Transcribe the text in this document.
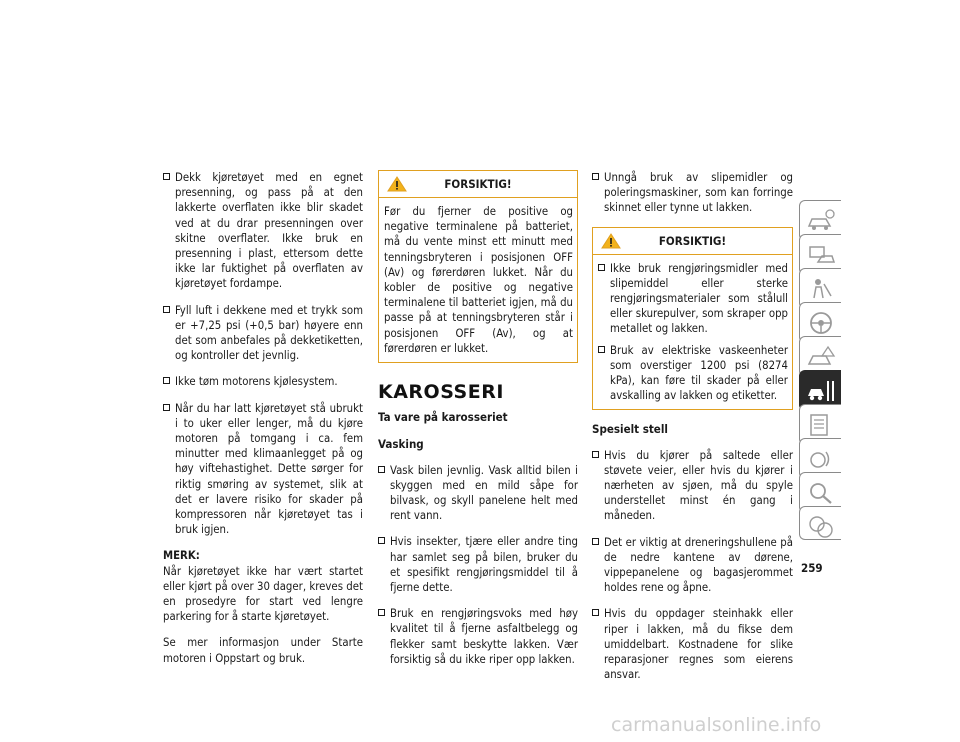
Dekk kjøretøyet med en egnet presenning, og pass på at den lakkerte overflaten ikke blir skadet ved at du drar presenningen over skitne overflater. Ikke bruk en presenning i plast, ettersom dette ikke lar fuktighet på overflaten av kjøretøyet fordampe.
Fyll luft i dekkene med et trykk som er +7,25 psi (+0,5 bar) høyere enn det som anbefales på dekketiketten, og kontroller det jevnlig.
Ikke tøm motorens kjølesystem.
Når du har latt kjøretøyet stå ubrukt i to uker eller lenger, må du kjøre motoren på tomgang i ca. fem minutter med klimaanlegget på og høy viftehastighet. Dette sørger for riktig smøring av systemet, slik at det er lavere risiko for skader på kompressoren når kjøretøyet tas i bruk igjen.

MERK:

Når kjøretøyet ikke har vært startet eller kjørt på over 30 dager, kreves det en prosedyre for start ved lengre parkering for å starte kjøretøyet.

Se mer informasjon under Starte motoren i Oppstart og bruk.

FORSIKTIG!

Før du fjerner de positive og negative terminalene på batteriet, må du vente minst ett minutt med tenningsbryteren i posisjonen OFF (Av) og førerdøren lukket. Når du kobler de positive og negative terminalene til batteriet igjen, må du passe på at tenningsbryteren står i posisjonen OFF (Av), og at førerdøren er lukket.

KAROSSERI
Ta vare på karosseriet
Vasking
Vask bilen jevnlig. Vask alltid bilen i skyggen med en mild såpe for bilvask, og skyll panelene helt med rent vann.
Hvis insekter, tjære eller andre ting har samlet seg på bilen, bruker du et spesifikt rengjøringsmiddel til å fjerne dette.
Bruk en rengjøringsvoks med høy kvalitet til å fjerne asfaltbelegg og flekker samt beskytte lakken. Vær forsiktig så du ikke riper opp lakken.
Unngå bruk av slipemidler og poleringsmaskiner, som kan forringe skinnet eller tynne ut lakken.
FORSIKTIG!
Ikke bruk rengjøringsmidler med slipemiddel eller sterke rengjøringsmaterialer som stålull eller skurepulver, som skraper opp metallet og lakken.
Bruk av elektriske vaskeenheter som overstiger 1200 psi (8274 kPa), kan føre til skader på eller avskalling av lakken og etiketter.
Spesielt stell
Hvis du kjører på saltede eller støvete veier, eller hvis du kjører i nærheten av sjøen, må du spyle understellet minst én gang i måneden.
Det er viktig at dreneringshullene på de nedre kantene av dørene, vippepanelene og bagasjerommet holdes rene og åpne.
Hvis du oppdager steinhakk eller riper i lakken, må du fikse dem umiddelbart. Kostnadene for slike reparasjoner regnes som eierens ansvar.
259
carmanualsonline.info
